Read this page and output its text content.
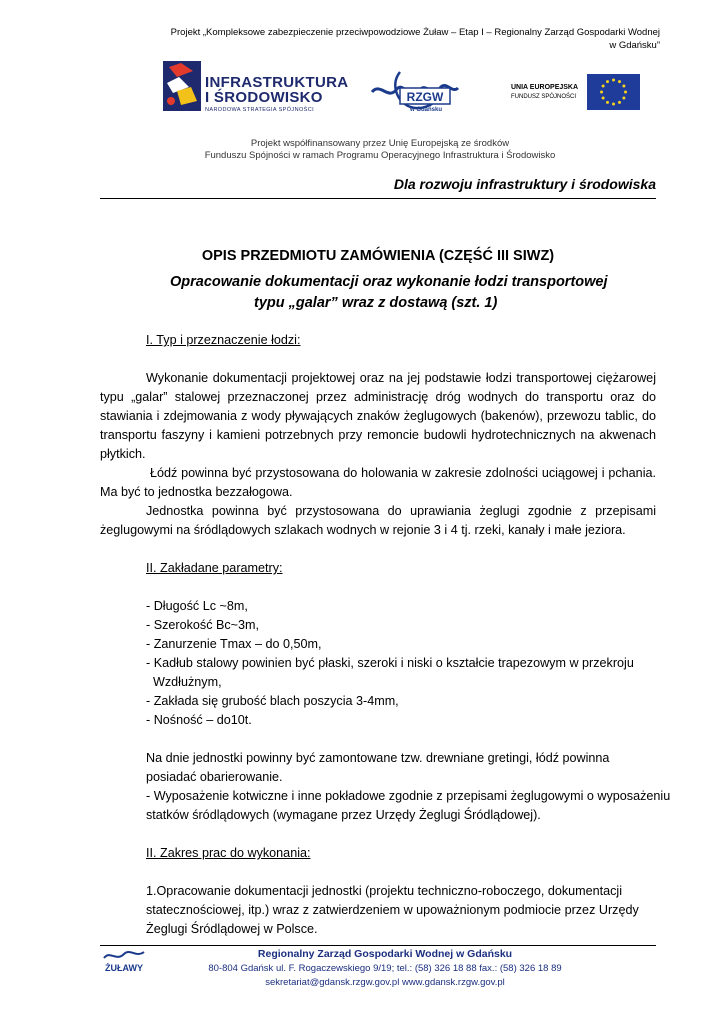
Projekt „Kompleksowe zabezpieczenie przeciwpowodziowe Żuław – Etap I – Regionalny Zarząd Gospodarki Wodnej
w Gdańsku”
INFRASTRUKTURA
I ŚRODOWISKO
NARODOWA STRATEGIA SPÓJNOŚCI
RZGW
w Gdańsku
UNIA EUROPEJSKA
FUNDUSZ SPÓJNOŚCI
Projekt współfinansowany przez Unię Europejską ze środków
Funduszu Spójności w ramach Programu Operacyjnego Infrastruktura i Środowisko
Dla rozwoju infrastruktury i środowiska
OPIS PRZEDMIOTU ZAMÓWIENIA (CZĘŚĆ III SIWZ)
Opracowanie dokumentacji oraz wykonanie łodzi transportowej
typu „galar” wraz z dostawą (szt. 1)
I. Typ i przeznaczenie łodzi:
Wykonanie dokumentacji projektowej oraz na jej podstawie łodzi transportowej ciężarowej
typu „galar” stalowej przeznaczonej przez administrację dróg wodnych do transportu oraz do
stawiania i zdejmowania z wody pływających znaków żeglugowych (bakenów), przewozu tablic, do
transportu faszyny i kamieni potrzebnych przy remoncie budowli hydrotechnicznych na akwenach
płytkich.
Łódź powinna być przystosowana do holowania w zakresie zdolności uciągowej i pchania.
Ma być to jednostka bezzałogowa.
Jednostka powinna być przystosowana do uprawiania żeglugi zgodnie z przepisami
żeglugowymi na śródlądowych szlakach wodnych w rejonie 3 i 4 tj. rzeki, kanały i małe jeziora.
II. Zakładane parametry:
- Długość Lc ~8m,
- Szerokość Bc~3m,
- Zanurzenie Tmax – do 0,50m,
- Kadłub stalowy powinien być płaski, szeroki i niski o kształcie trapezowym w przekroju
Wzdłużnym,
- Zakłada się grubość blach poszycia 3-4mm,
- Nośność – do10t.
Na dnie jednostki powinny być zamontowane tzw. drewniane gretingi, łódź powinna
posiadać obarierowanie.
- Wyposażenie kotwiczne i inne pokładowe zgodnie z przepisami żeglugowymi o wyposażeniu
statków śródlądowych (wymagane przez Urzędy Żeglugi Śródlądowej).
II. Zakres prac do wykonania:
1.Opracowanie dokumentacji jednostki (projektu techniczno-roboczego, dokumentacji
statecznościowej, itp.) wraz z zatwierdzeniem w upoważnionym podmiocie przez Urzędy
Żeglugi Śródlądowej w Polsce.
ŻUŁAWY
Regionalny Zarząd Gospodarki Wodnej w Gdańsku
80-804 Gdańsk ul. F. Rogaczewskiego 9/19; tel.: (58) 326 18 88 fax.: (58) 326 18 89
sekretariat@gdansk.rzgw.gov.pl www.gdansk.rzgw.gov.pl
